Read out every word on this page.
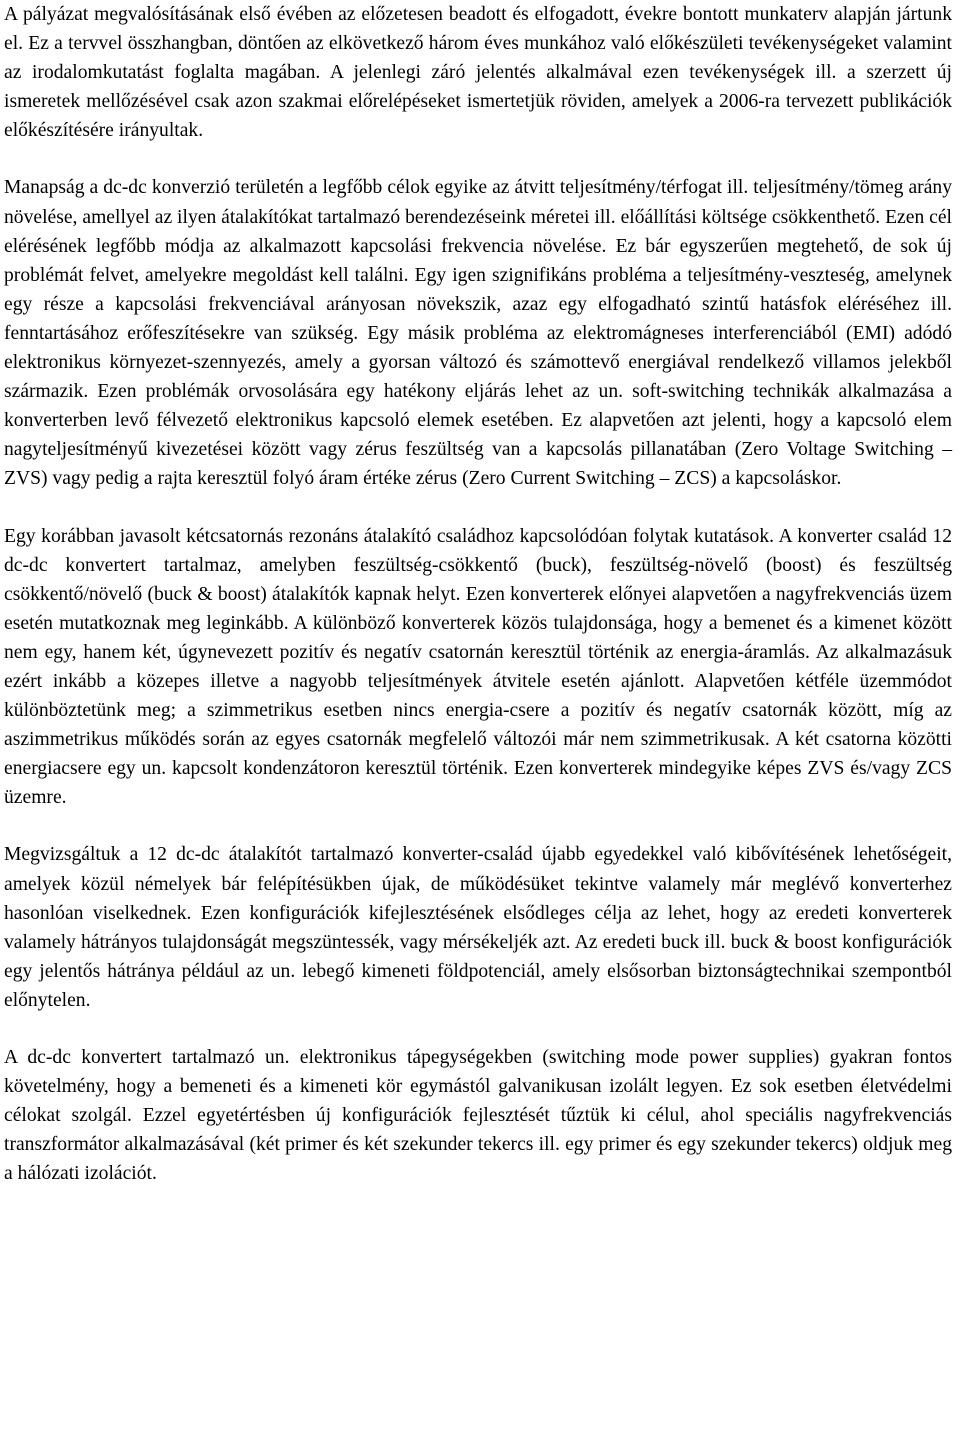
A pályázat megvalósításának első évében az előzetesen beadott és elfogadott, évekre bontott munkaterv alapján jártunk el. Ez a tervvel összhangban, döntően az elkövetkező három éves munkához való előkészületi tevékenységeket valamint az irodalomkutatást foglalta magában. A jelenlegi záró jelentés alkalmával ezen tevékenységek ill. a szerzett új ismeretek mellőzésével csak azon szakmai előrelépéseket ismertetjük röviden, amelyek a 2006-ra tervezett publikációk előkészítésére irányultak.

Manapság a dc-dc konverzió területén a legfőbb célok egyike az átvitt teljesítmény/térfogat ill. teljesítmény/tömeg arány növelése, amellyel az ilyen átalakítókat tartalmazó berendezéseink méretei ill. előállítási költsége csökkenthető. Ezen cél elérésének legfőbb módja az alkalmazott kapcsolási frekvencia növelése. Ez bár egyszerűen megtehető, de sok új problémát felvet, amelyekre megoldást kell találni. Egy igen szignifikáns probléma a teljesítmény-veszteség, amelynek egy része a kapcsolási frekvenciával arányosan növekszik, azaz egy elfogadható szintű hatásfok eléréséhez ill. fenntartásához erőfeszítésekre van szükség. Egy másik probléma az elektromágneses interferenciából (EMI) adódó elektronikus környezet-szennyezés, amely a gyorsan változó és számottevő energiával rendelkező villamos jelekből származik. Ezen problémák orvosolására egy hatékony eljárás lehet az un. soft-switching technikák alkalmazása a konverterben levő félvezető elektronikus kapcsoló elemek esetében. Ez alapvetően azt jelenti, hogy a kapcsoló elem nagyteljesítményű kivezetései között vagy zérus feszültség van a kapcsolás pillanatában (Zero Voltage Switching – ZVS) vagy pedig a rajta keresztül folyó áram értéke zérus (Zero Current Switching – ZCS) a kapcsoláskor.

Egy korábban javasolt kétcsatornás rezonáns átalakító családhoz kapcsolódóan folytak kutatások. A konverter család 12 dc-dc konvertert tartalmaz, amelyben feszültség-csökkentő (buck), feszültség-növelő (boost) és feszültség csökkentő/növelő (buck & boost) átalakítók kapnak helyt. Ezen konverterek előnyei alapvetően a nagyfrekvenciás üzem esetén mutatkoznak meg leginkább. A különböző konverterek közös tulajdonsága, hogy a bemenet és a kimenet között nem egy, hanem két, úgynevezett pozitív és negatív csatornán keresztül történik az energia-áramlás. Az alkalmazásuk ezért inkább a közepes illetve a nagyobb teljesítmények átvitele esetén ajánlott. Alapvetően kétféle üzemmódot különböztetünk meg; a szimmetrikus esetben nincs energia-csere a pozitív és negatív csatornák között, míg az aszimmetrikus működés során az egyes csatornák megfelelő változói már nem szimmetrikusak. A két csatorna közötti energiacsere egy un. kapcsolt kondenzátoron keresztül történik. Ezen konverterek mindegyike képes ZVS és/vagy ZCS üzemre.

Megvizsgáltuk a 12 dc-dc átalakítót tartalmazó konverter-család újabb egyedekkel való kibővítésének lehetőségeit, amelyek közül némelyek bár felépítésükben újak, de működésüket tekintve valamely már meglévő konverterhez hasonlóan viselkednek. Ezen konfigurációk kifejlesztésének elsődleges célja az lehet, hogy az eredeti konverterek valamely hátrányos tulajdonságát megszüntessék, vagy mérsékeljék azt. Az eredeti buck ill. buck & boost konfigurációk egy jelentős hátránya például az un. lebegő kimeneti földpotenciál, amely elsősorban biztonságtechnikai szempontból előnytelen.

A dc-dc konvertert tartalmazó un. elektronikus tápegységekben (switching mode power supplies) gyakran fontos követelmény, hogy a bemeneti és a kimeneti kör egymástól galvanikusan izolált legyen. Ez sok esetben életvédelmi célokat szolgál. Ezzel egyetértésben új konfigurációk fejlesztését tűztük ki célul, ahol speciális nagyfrekvenciás transzformátor alkalmazásával (két primer és két szekunder tekercs ill. egy primer és egy szekunder tekercs) oldjuk meg a hálózati izolációt.
